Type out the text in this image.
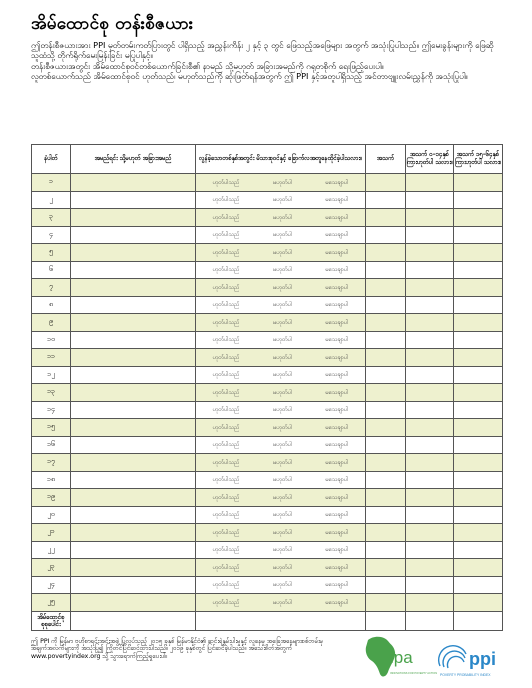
အိမ်ထောင်စု တန်းစီဇယား

ဤတန်းစီဇယားအား PPI မှတ်တမ်းကတ်ပြားတွင် ပါရှိသည့် အညွှန်းကိန်း ၂ နှင့် ၃ တွင် ဖြေသည့်အဖြေများ အတွက် အသုံးပြုပါသည်။ ဤမေးခွန်းများကို ဖြေဆိုသူထံသို့ တိုက်ရိုက်မေးမြန်းခြင်း မပြုပါနှင့်။

တန်းစီဇယားအတွင်း အိမ်ထောင်စုဝင်တစ်ယောက်ခြင်းစီ၏ နာမည် သို့မဟုတ် အခြားအမည်ကို ဂရုတစိုက် ရေးဖြည့်ပေးပါ။

လူတစ်ယောက်သည် အိမ်ထောင်စုဝင် ဟုတ်သည်၊ မဟုတ်သည်ကို ဆုံးဖြတ်ရန်အတွက် ဤ PPI နှင့်အတူပါရှိသည့် အင်တာဗျူးလမ်းညွှန်ကို အသုံးပြုပါ။

နံပါတ်	အမည်ရင်း သို့မဟုတ် အခြားအမည်	လွန်ခဲ့သောတစ်နှစ်အတွင်း မိသားစုဝင်နှင့် ခြောက်လအတူနေထိုင်ခဲ့ပါသလား။	အသက်	အသက် ၀–၁၄နှစ်ကြားဟုတ်ပါ သလား။	အသက် ၁၅–၆၄နှစ်ကြားဟုတ်ပါ သလား။
၁		ဟုတ်ပါသည် မဟုတ်ပါ မသေချာပါ			

၂		ဟုတ်ပါသည် မဟုတ်ပါ မသေချာပါ			

၃		ဟုတ်ပါသည် မဟုတ်ပါ မသေချာပါ			

၄		ဟုတ်ပါသည် မဟုတ်ပါ မသေချာပါ			

၅		ဟုတ်ပါသည် မဟုတ်ပါ မသေချာပါ			

၆		ဟုတ်ပါသည် မဟုတ်ပါ မသေချာပါ			

၇		ဟုတ်ပါသည် မဟုတ်ပါ မသေချာပါ			

၈		ဟုတ်ပါသည် မဟုတ်ပါ မသေချာပါ			

၉		ဟုတ်ပါသည် မဟုတ်ပါ မသေချာပါ			

၁၀		ဟုတ်ပါသည် မဟုတ်ပါ မသေချာပါ			

၁၁		ဟုတ်ပါသည် မဟုတ်ပါ မသေချာပါ			

၁၂		ဟုတ်ပါသည် မဟုတ်ပါ မသေချာပါ			

၁၃		ဟုတ်ပါသည် မဟုတ်ပါ မသေချာပါ			

၁၄		ဟုတ်ပါသည် မဟုတ်ပါ မသေချာပါ			

၁၅		ဟုတ်ပါသည် မဟုတ်ပါ မသေချာပါ			

၁၆		ဟုတ်ပါသည် မဟုတ်ပါ မသေချာပါ			

၁၇		ဟုတ်ပါသည် မဟုတ်ပါ မသေချာပါ			

၁၈		ဟုတ်ပါသည် မဟုတ်ပါ မသေချာပါ			

၁၉		ဟုတ်ပါသည် မဟုတ်ပါ မသေချာပါ			

၂၀		ဟုတ်ပါသည် မဟုတ်ပါ မသေချာပါ			

၂၁		ဟုတ်ပါသည် မဟုတ်ပါ မသေချာပါ			

၂၂		ဟုတ်ပါသည် မဟုတ်ပါ မသေချာပါ			

၂၃		ဟုတ်ပါသည် မဟုတ်ပါ မသေချာပါ			

၂၄		ဟုတ်ပါသည် မဟုတ်ပါ မသေချာပါ			

၂၅		ဟုတ်ပါသည် မဟုတ်ပါ မသေချာပါ			

အိမ်ထောင်စု စုစုပေါင်း					
ဤ PPI ကို မြန်မာ ဗဟိုစာရင်းအင်းအဖွဲ့ ပြုလုပ်သည့် ၂၀၁၅ ခုနှစ် မြန်မာနိုင်ငံ၏ ဆင်းရဲနွမ်းပါးမှုနှင့် လူနေမှု အခြေအနေများစစ်တမ်းမှ အချက်အလက်များကို အသုံးပြု၍ ကြိုတင်ပြင်ဆင်ထားပါသည်။ ၂၀၁၉ ခုနှစ်တွင် ပြင်ဆင်ခဲ့ပါသည်။ အသေးစိတ်အတွက် www.povertyindex.org သို့ သွားရောက်ကြည့်ရှုပေးပါ။	ipa
INNOVATIONS FOR POVERTY ACTION
ppi
POVERTY PROBABILITY INDEX
